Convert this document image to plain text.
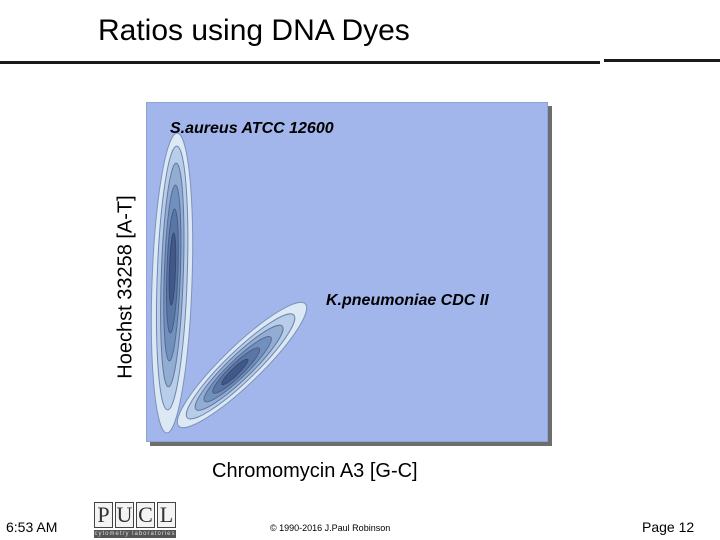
Ratios using DNA Dyes
S.aureus ATCC 12600
K.pneumoniae CDC II
Hoechst 33258 [A-T]
Chromomycin A3 [G-C]
6:53 AM P U C L
cytometry laboratories
© 1990-2016 J.Paul Robinson	Page 12
